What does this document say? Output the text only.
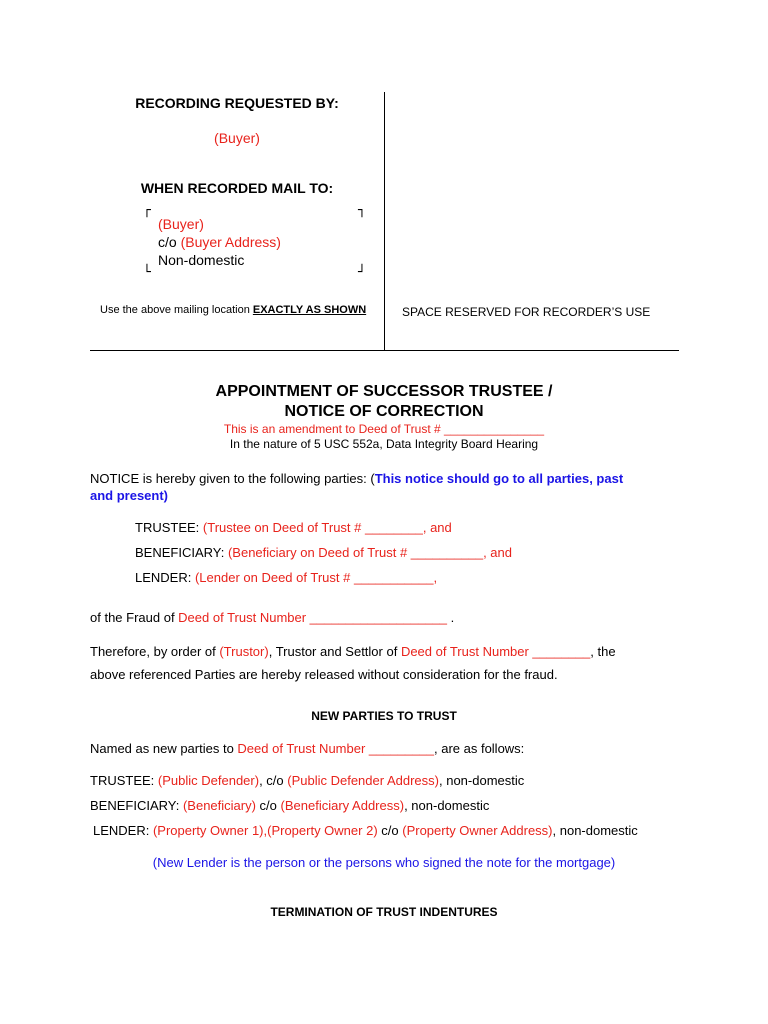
RECORDING REQUESTED BY:
(Buyer)
WHEN RECORDED MAIL TO:
┌	┐
└	┘
(Buyer)
c/o (Buyer Address)
Non-domestic
Use the above mailing location EXACTLY AS SHOWN	SPACE RESERVED FOR RECORDER’S USE
APPOINTMENT OF SUCCESSOR TRUSTEE /
NOTICE OF CORRECTION
This is an amendment to Deed of Trust # _______________
In the nature of 5 USC 552a, Data Integrity Board Hearing
NOTICE is hereby given to the following parties: (This notice should go to all parties, past
and present)
TRUSTEE: (Trustee on Deed of Trust # ________, and
BENEFICIARY: (Beneficiary on Deed of Trust # __________, and
LENDER: (Lender on Deed of Trust # ___________,
of the Fraud of Deed of Trust Number ___________________ .
Therefore, by order of (Trustor), Trustor and Settlor of Deed of Trust Number ________, the
above referenced Parties are hereby released without consideration for the fraud.
NEW PARTIES TO TRUST
Named as new parties to Deed of Trust Number _________, are as follows:
TRUSTEE: (Public Defender), c/o (Public Defender Address), non-domestic
BENEFICIARY: (Beneficiary) c/o (Beneficiary Address), non-domestic
LENDER: (Property Owner 1),(Property Owner 2) c/o (Property Owner Address), non-domestic
(New Lender is the person or the persons who signed the note for the mortgage)
TERMINATION OF TRUST INDENTURES
